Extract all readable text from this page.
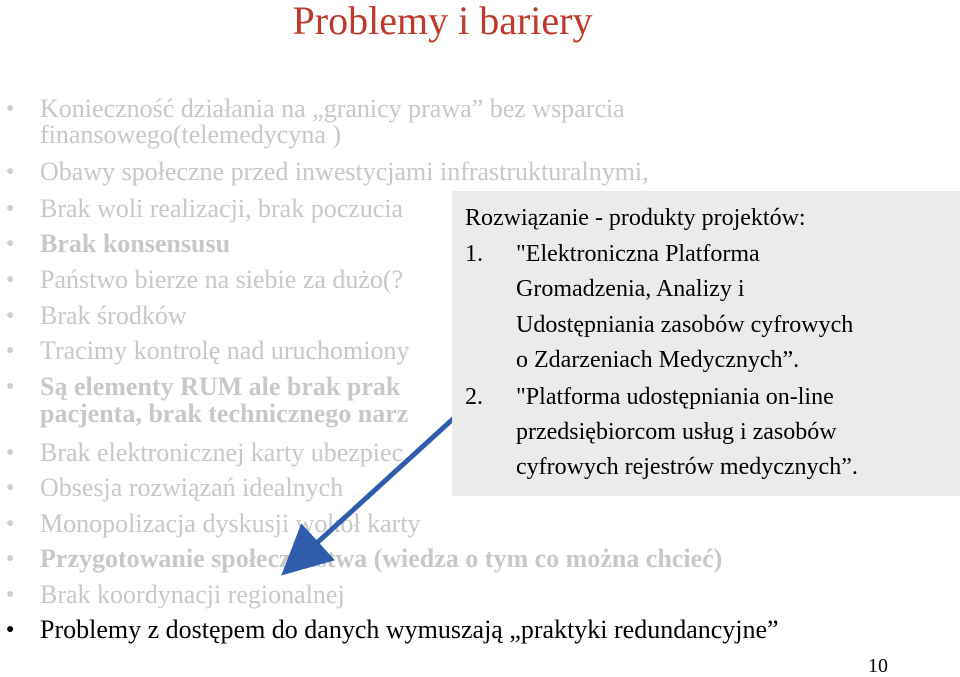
Problemy i bariery
● Konieczność działania na „granicy prawa” bez wsparcia
finansowego(telemedycyna )
● Obawy społeczne przed inwestycjami infrastrukturalnymi,
● Brak woli realizacji, brak poczucia
● Brak konsensusu
● Państwo bierze na siebie za dużo(?
● Brak środków
● Tracimy kontrolę nad uruchomiony
● Są elementy RUM ale brak prak
pacjenta, brak technicznego narz
● Brak elektronicznej karty ubezpiec
● Obsesja rozwiązań idealnych
● Monopolizacja dyskusji wokół karty
● Przygotowanie społeczeństwa (wiedza o tym co można chcieć)
● Brak koordynacji regionalnej
● Problemy z dostępem do danych wymuszają „praktyki redundancyjne”
Rozwiązanie - produkty projektów:
1. "Elektroniczna Platforma
Gromadzenia, Analizy i
Udostępniania zasobów cyfrowych
o Zdarzeniach Medycznych”.
2. "Platforma udostępniania on-line
przedsiębiorcom usług i zasobów
cyfrowych rejestrów medycznych”.
10
